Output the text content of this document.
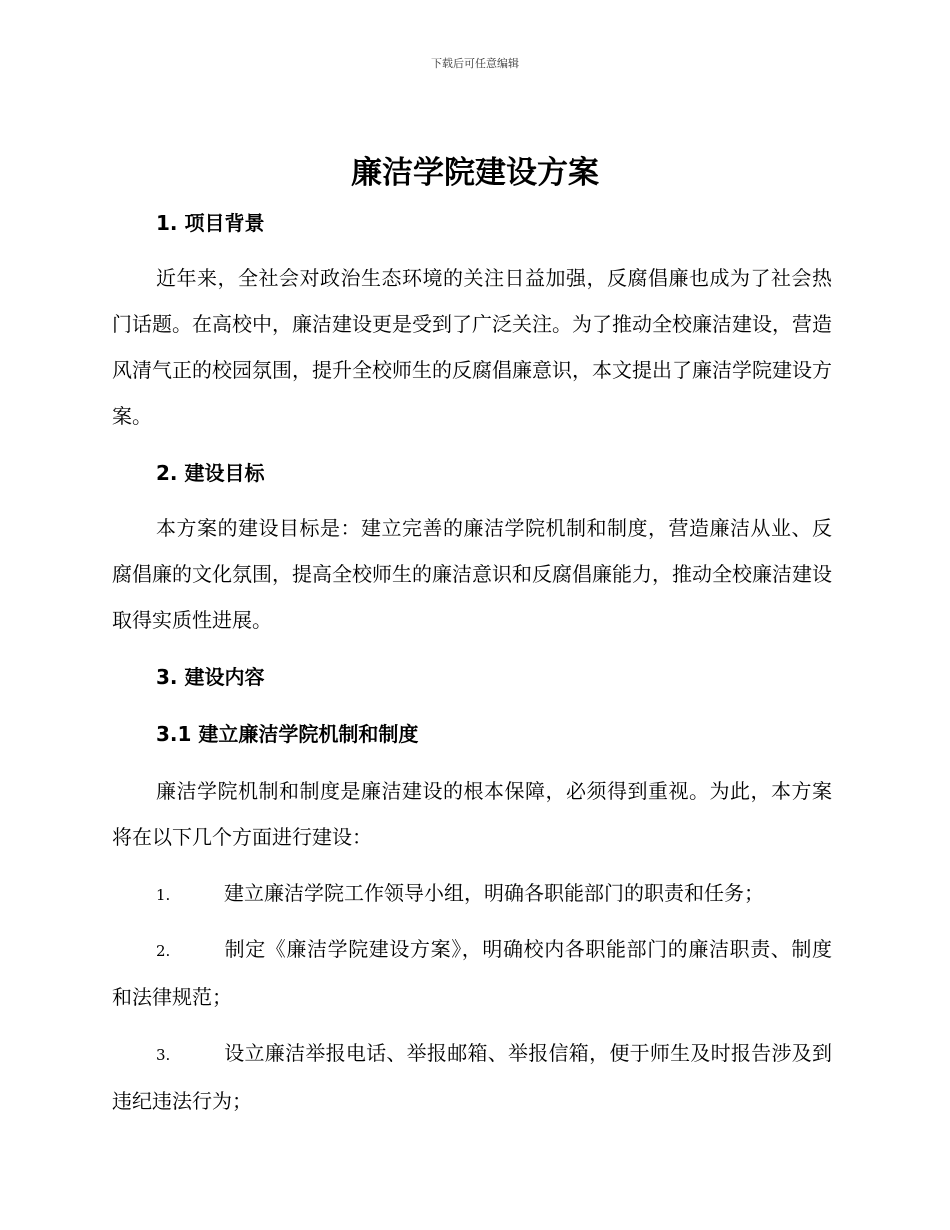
下载后可任意编辑
廉洁学院建设方案
1. 项目背景
近年来，全社会对政治生态环境的关注日益加强，反腐倡廉也成为了社会热门话题。在高校中，廉洁建设更是受到了广泛关注。为了推动全校廉洁建设，营造风清气正的校园氛围，提升全校师生的反腐倡廉意识，本文提出了廉洁学院建设方案。
2. 建设目标
本方案的建设目标是：建立完善的廉洁学院机制和制度，营造廉洁从业、反腐倡廉的文化氛围，提高全校师生的廉洁意识和反腐倡廉能力，推动全校廉洁建设取得实质性进展。
3. 建设内容
3.1 建立廉洁学院机制和制度
廉洁学院机制和制度是廉洁建设的根本保障，必须得到重视。为此，本方案将在以下几个方面进行建设：
1.	建立廉洁学院工作领导小组，明确各职能部门的职责和任务；
2.	制定《廉洁学院建设方案》，明确校内各职能部门的廉洁职责、制度和法律规范；
3.	设立廉洁举报电话、举报邮箱、举报信箱，便于师生及时报告涉及到违纪违法行为；
